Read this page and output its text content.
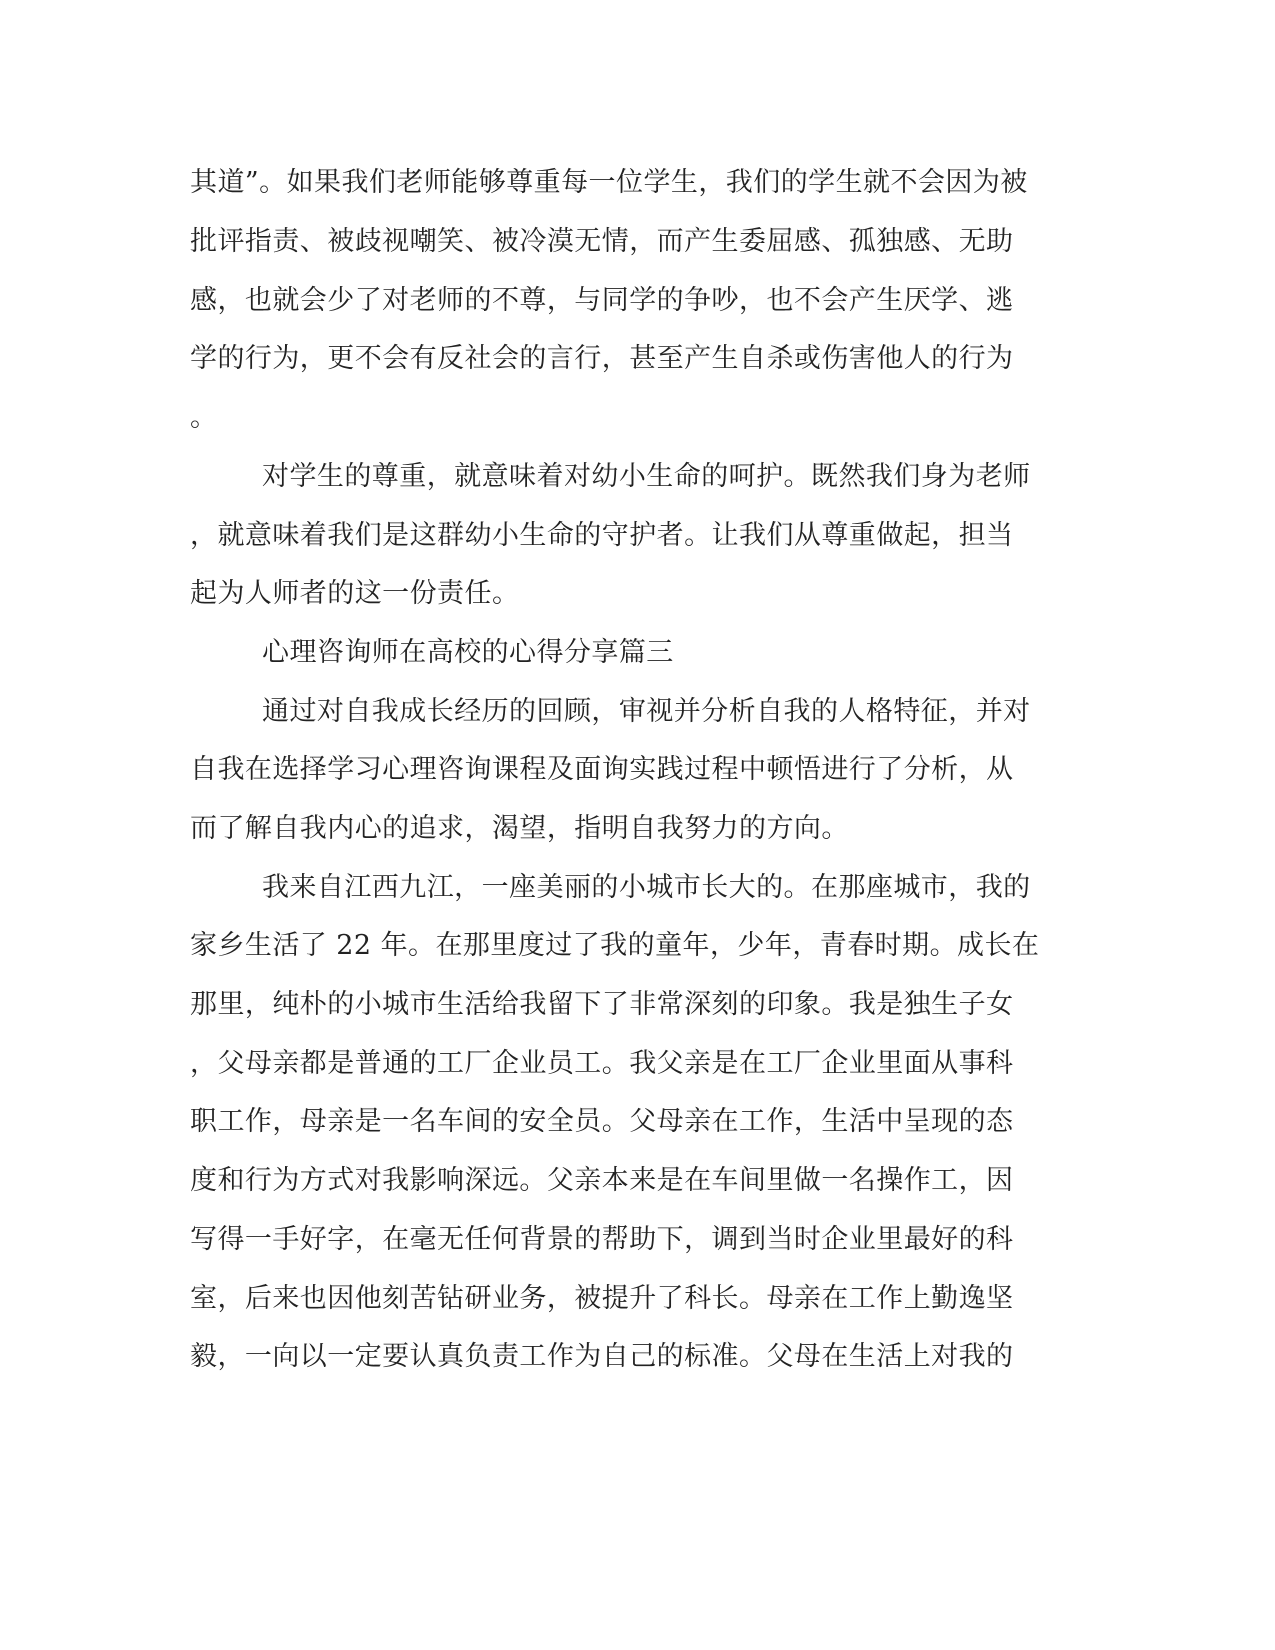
其道”。如果我们老师能够尊重每一位学生，我们的学生就不会因为被
批评指责、被歧视嘲笑、被冷漠无情，而产生委屈感、孤独感、无助
感，也就会少了对老师的不尊，与同学的争吵，也不会产生厌学、逃
学的行为，更不会有反社会的言行，甚至产生自杀或伤害他人的行为
。
对学生的尊重，就意味着对幼小生命的呵护。既然我们身为老师
，就意味着我们是这群幼小生命的守护者。让我们从尊重做起，担当
起为人师者的这一份责任。
心理咨询师在高校的心得分享篇三
通过对自我成长经历的回顾，审视并分析自我的人格特征，并对
自我在选择学习心理咨询课程及面询实践过程中顿悟进行了分析，从
而了解自我内心的追求，渴望，指明自我努力的方向。
我来自江西九江，一座美丽的小城市长大的。在那座城市，我的
家乡生活了 22 年。在那里度过了我的童年，少年，青春时期。成长在
那里，纯朴的小城市生活给我留下了非常深刻的印象。我是独生子女
，父母亲都是普通的工厂企业员工。我父亲是在工厂企业里面从事科
职工作，母亲是一名车间的安全员。父母亲在工作，生活中呈现的态
度和行为方式对我影响深远。父亲本来是在车间里做一名操作工，因
写得一手好字，在毫无任何背景的帮助下，调到当时企业里最好的科
室，后来也因他刻苦钻研业务，被提升了科长。母亲在工作上勤逸坚
毅，一向以一定要认真负责工作为自己的标准。父母在生活上对我的
